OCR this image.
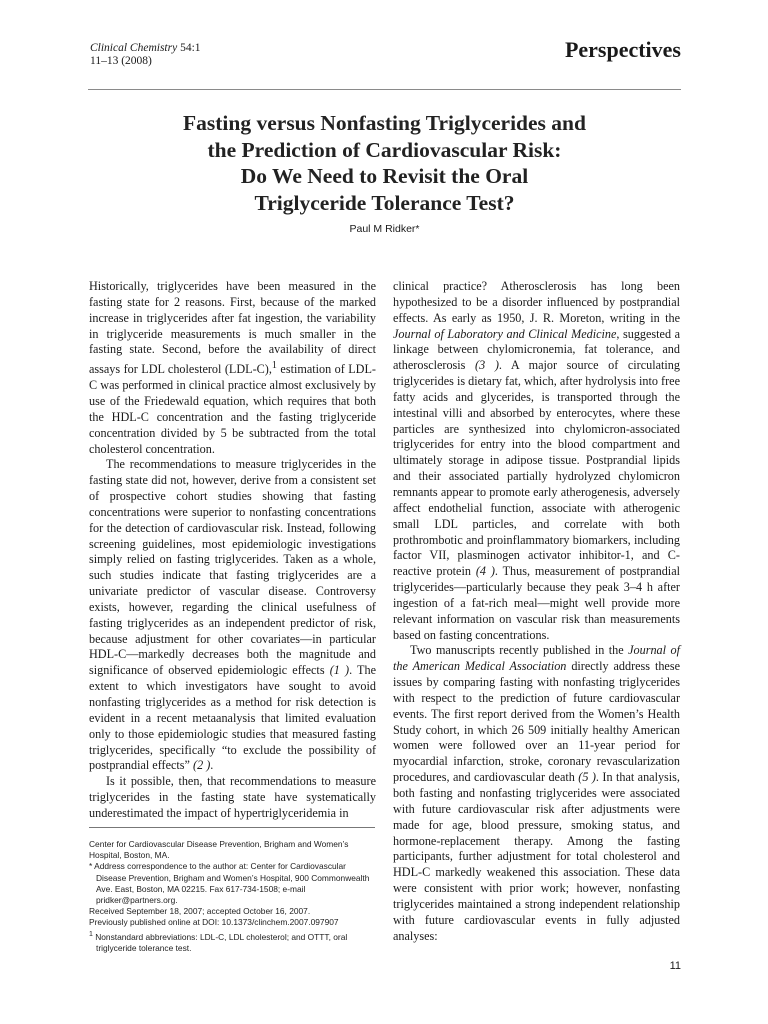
Clinical Chemistry 54:1
11–13 (2008)	Perspectives
Fasting versus Nonfasting Triglycerides and
the Prediction of Cardiovascular Risk:
Do We Need to Revisit the Oral
Triglyceride Tolerance Test?
Paul M Ridker*

Historically, triglycerides have been measured in the fasting state for 2 reasons. First, because of the marked increase in triglycerides after fat ingestion, the variability in triglyceride measurements is much smaller in the fasting state. Second, before the availability of direct assays for LDL cholesterol (LDL-C),$^1$ estimation of LDL-C was performed in clinical practice almost exclusively by use of the Friedewald equation, which requires that both the HDL-C concentration and the fasting triglyceride concentration divided by 5 be subtracted from the total cholesterol concentration.

The recommendations to measure triglycerides in the fasting state did not, however, derive from a consistent set of prospective cohort studies showing that fasting concentrations were superior to nonfasting concentrations for the detection of cardiovascular risk. Instead, following screening guidelines, most epidemiologic investigations simply relied on fasting triglycerides. Taken as a whole, such studies indicate that fasting triglycerides are a univariate predictor of vascular disease. Controversy exists, however, regarding the clinical usefulness of fasting triglycerides as an independent predictor of risk, because adjustment for other covariates—in particular HDL-C—markedly decreases both the magnitude and significance of observed epidemiologic effects (1 ). The extent to which investigators have sought to avoid nonfasting triglycerides as a method for risk detection is evident in a recent metaanalysis that limited evaluation only to those epidemiologic studies that measured fasting triglycerides, specifically “to exclude the possibility of postprandial effects” (2 ).

Is it possible, then, that recommendations to measure triglycerides in the fasting state have systematically underestimated the impact of hypertriglyceridemia in

clinical practice? Atherosclerosis has long been hypothesized to be a disorder influenced by postprandial effects. As early as 1950, J. R. Moreton, writing in the Journal of Laboratory and Clinical Medicine, suggested a linkage between chylomicronemia, fat tolerance, and atherosclerosis (3 ). A major source of circulating triglycerides is dietary fat, which, after hydrolysis into free fatty acids and glycerides, is transported through the intestinal villi and absorbed by enterocytes, where these particles are synthesized into chylomicron-associated triglycerides for entry into the blood compartment and ultimately storage in adipose tissue. Postprandial lipids and their associated partially hydrolyzed chylomicron remnants appear to promote early atherogenesis, adversely affect endothelial function, associate with atherogenic small LDL particles, and correlate with both prothrombotic and proinflammatory biomarkers, including factor VII, plasminogen activator inhibitor-1, and C-reactive protein (4 ). Thus, measurement of postprandial triglycerides—particularly because they peak 3–4 h after ingestion of a fat-rich meal—might well provide more relevant information on vascular risk than measurements based on fasting concentrations.

Two manuscripts recently published in the Journal of the American Medical Association directly address these issues by comparing fasting with nonfasting triglycerides with respect to the prediction of future cardiovascular events. The first report derived from the Women’s Health Study cohort, in which 26 509 initially healthy American women were followed over an 11-year period for myocardial infarction, stroke, coronary revascularization procedures, and cardiovascular death (5 ). In that analysis, both fasting and nonfasting triglycerides were associated with future cardiovascular risk after adjustments were made for age, blood pressure, smoking status, and hormone-replacement therapy. Among the fasting participants, further adjustment for total cholesterol and HDL-C markedly weakened this association. These data were consistent with prior work; however, nonfasting triglycerides maintained a strong independent relationship with future cardiovascular events in fully adjusted analyses:

Center for Cardiovascular Disease Prevention, Brigham and Women’s Hospital, Boston, MA.

* Address correspondence to the author at: Center for Cardiovascular Disease Prevention, Brigham and Women’s Hospital, 900 Commonwealth Ave. East, Boston, MA 02215. Fax 617-734-1508; e-mail pridker@partners.org.

Received September 18, 2007; accepted October 16, 2007.

Previously published online at DOI: 10.1373/clinchem.2007.097907

$^1$ Nonstandard abbreviations: LDL-C, LDL cholesterol; and OTTT, oral triglyceride tolerance test.

11
